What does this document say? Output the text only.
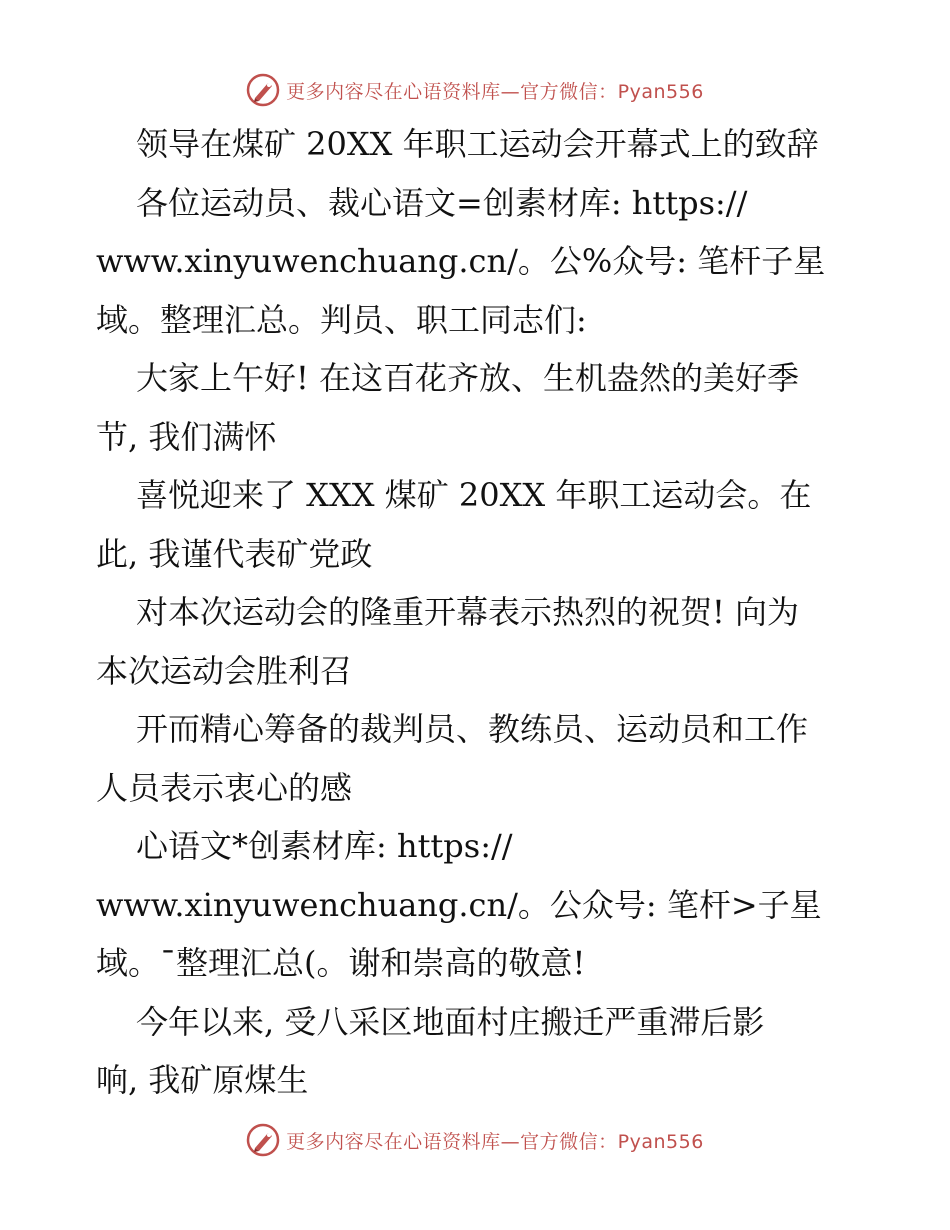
更多内容尽在心语资料库—官方微信：Pyan556
领导在煤矿 20XX 年职工运动会开幕式上的致辞
各位运动员、裁心语文=创素材库: https://
www.xinyuwenchuang.cn/。公%众号: 笔杆子星
域。整理汇总。判员、职工同志们:
大家上午好! 在这百花齐放、生机盎然的美好季
节, 我们满怀
喜悦迎来了 XXX 煤矿 20XX 年职工运动会。在
此, 我谨代表矿党政
对本次运动会的隆重开幕表示热烈的祝贺! 向为
本次运动会胜利召
开而精心筹备的裁判员、教练员、运动员和工作
人员表示衷心的感
心语文*创素材库: https://
www.xinyuwenchuang.cn/。公众号: 笔杆>子星
域。¯整理汇总(。谢和崇高的敬意!
今年以来, 受八采区地面村庄搬迁严重滞后影
响, 我矿原煤生
更多内容尽在心语资料库—官方微信：Pyan556
